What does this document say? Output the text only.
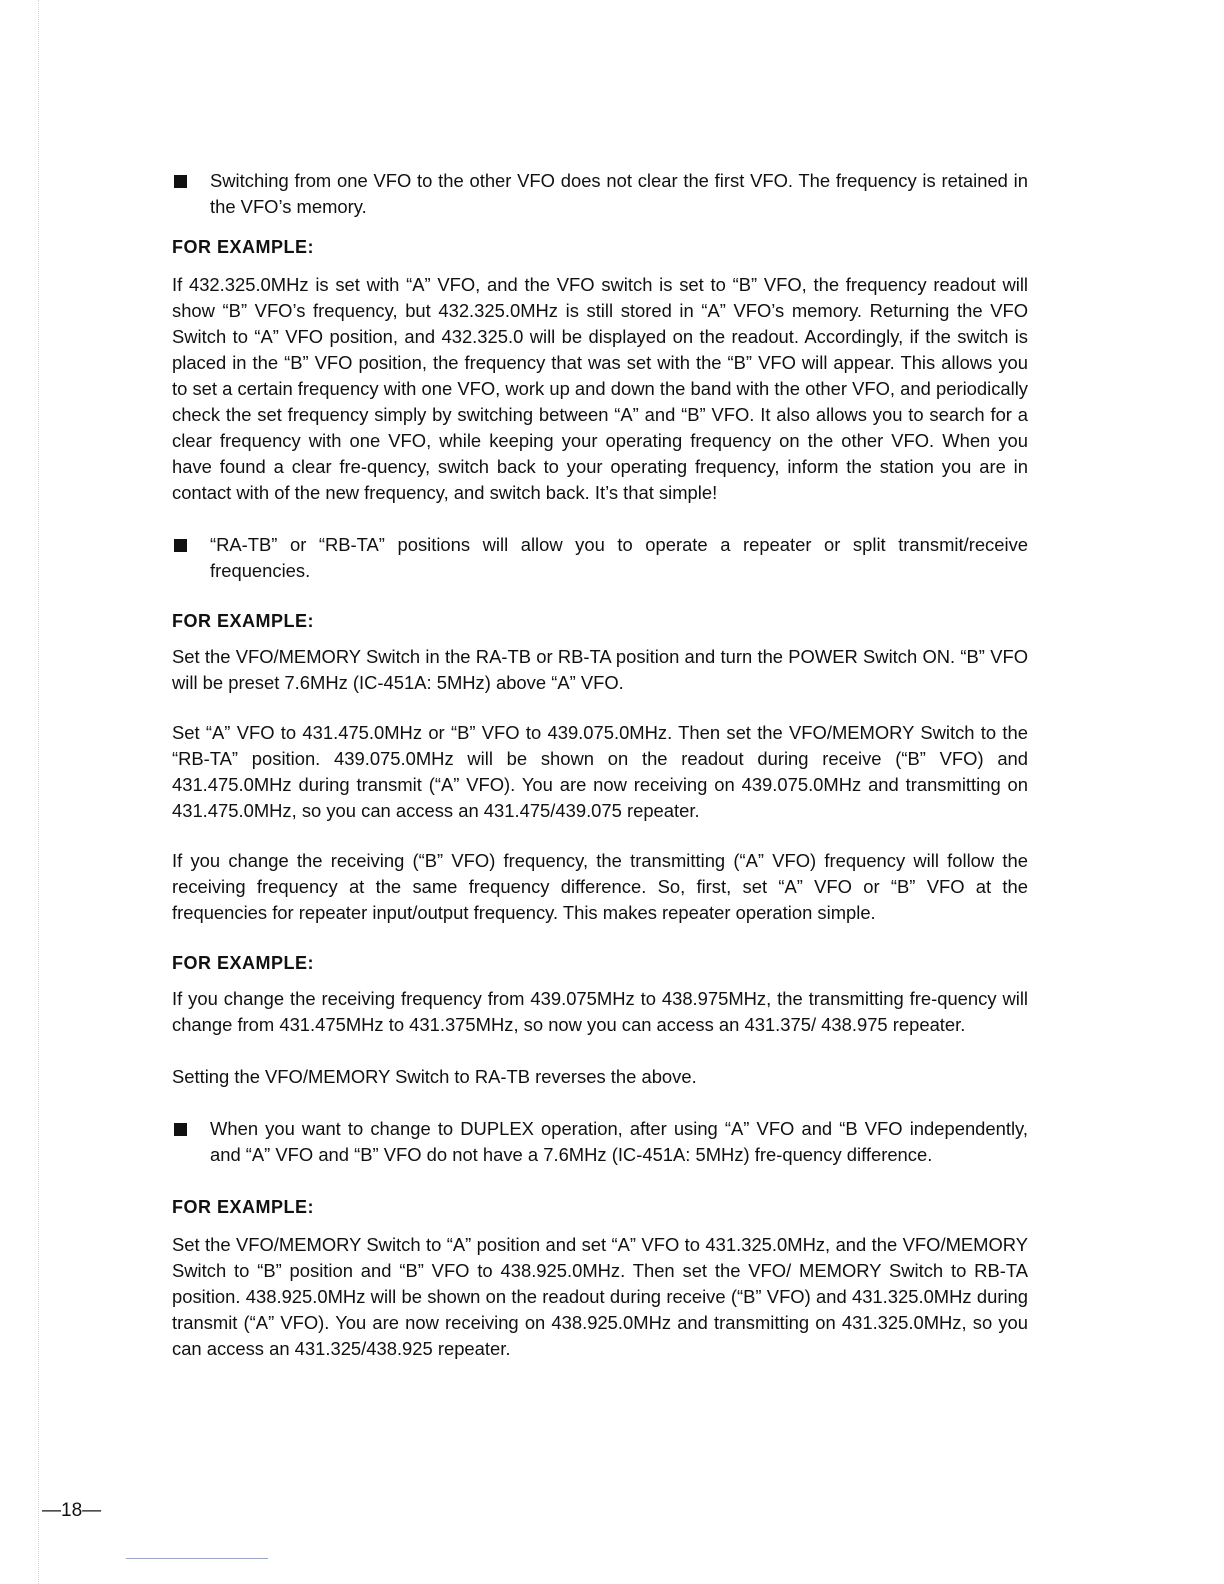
Switching from one VFO to the other VFO does not clear the first VFO. The frequency is retained in the VFO’s memory.

FOR EXAMPLE:

If 432.325.0MHz is set with “A” VFO, and the VFO switch is set to “B” VFO, the frequency readout will show “B” VFO’s frequency, but 432.325.0MHz is still stored in “A” VFO’s memory. Returning the VFO Switch to “A” VFO position, and 432.325.0 will be displayed on the readout. Accordingly, if the switch is placed in the “B” VFO position, the frequency that was set with the “B” VFO will appear. This allows you to set a certain frequency with one VFO, work up and down the band with the other VFO, and periodically check the set frequency simply by switching between “A” and “B” VFO. It also allows you to search for a clear frequency with one VFO, while keeping your operating frequency on the other VFO. When you have found a clear fre-quency, switch back to your operating frequency, inform the station you are in contact with of the new frequency, and switch back. It’s that simple!

“RA-TB” or “RB-TA” positions will allow you to operate a repeater or split transmit/receive frequencies.

FOR EXAMPLE:

Set the VFO/MEMORY Switch in the RA-TB or RB-TA position and turn the POWER Switch ON. “B” VFO will be preset 7.6MHz (IC-451A: 5MHz) above “A” VFO.

Set “A” VFO to 431.475.0MHz or “B” VFO to 439.075.0MHz. Then set the VFO/MEMORY Switch to the “RB-TA” position. 439.075.0MHz will be shown on the readout during receive (“B” VFO) and 431.475.0MHz during transmit (“A” VFO). You are now receiving on 439.075.0MHz and transmitting on 431.475.0MHz, so you can access an 431.475/439.075 repeater.

If you change the receiving (“B” VFO) frequency, the transmitting (“A” VFO) frequency will follow the receiving frequency at the same frequency difference. So, first, set “A” VFO or “B” VFO at the frequencies for repeater input/output frequency. This makes repeater operation simple.

FOR EXAMPLE:

If you change the receiving frequency from 439.075MHz to 438.975MHz, the transmitting fre-quency will change from 431.475MHz to 431.375MHz, so now you can access an 431.375/ 438.975 repeater.

Setting the VFO/MEMORY Switch to RA-TB reverses the above.

When you want to change to DUPLEX operation, after using “A” VFO and “B VFO independently, and “A” VFO and “B” VFO do not have a 7.6MHz (IC-451A: 5MHz) fre-quency difference.

FOR EXAMPLE:

Set the VFO/MEMORY Switch to “A” position and set “A” VFO to 431.325.0MHz, and the VFO/MEMORY Switch to “B” position and “B” VFO to 438.925.0MHz. Then set the VFO/ MEMORY Switch to RB-TA position. 438.925.0MHz will be shown on the readout during receive (“B” VFO) and 431.325.0MHz during transmit (“A” VFO). You are now receiving on 438.925.0MHz and transmitting on 431.325.0MHz, so you can access an 431.325/438.925 repeater.

—18—
